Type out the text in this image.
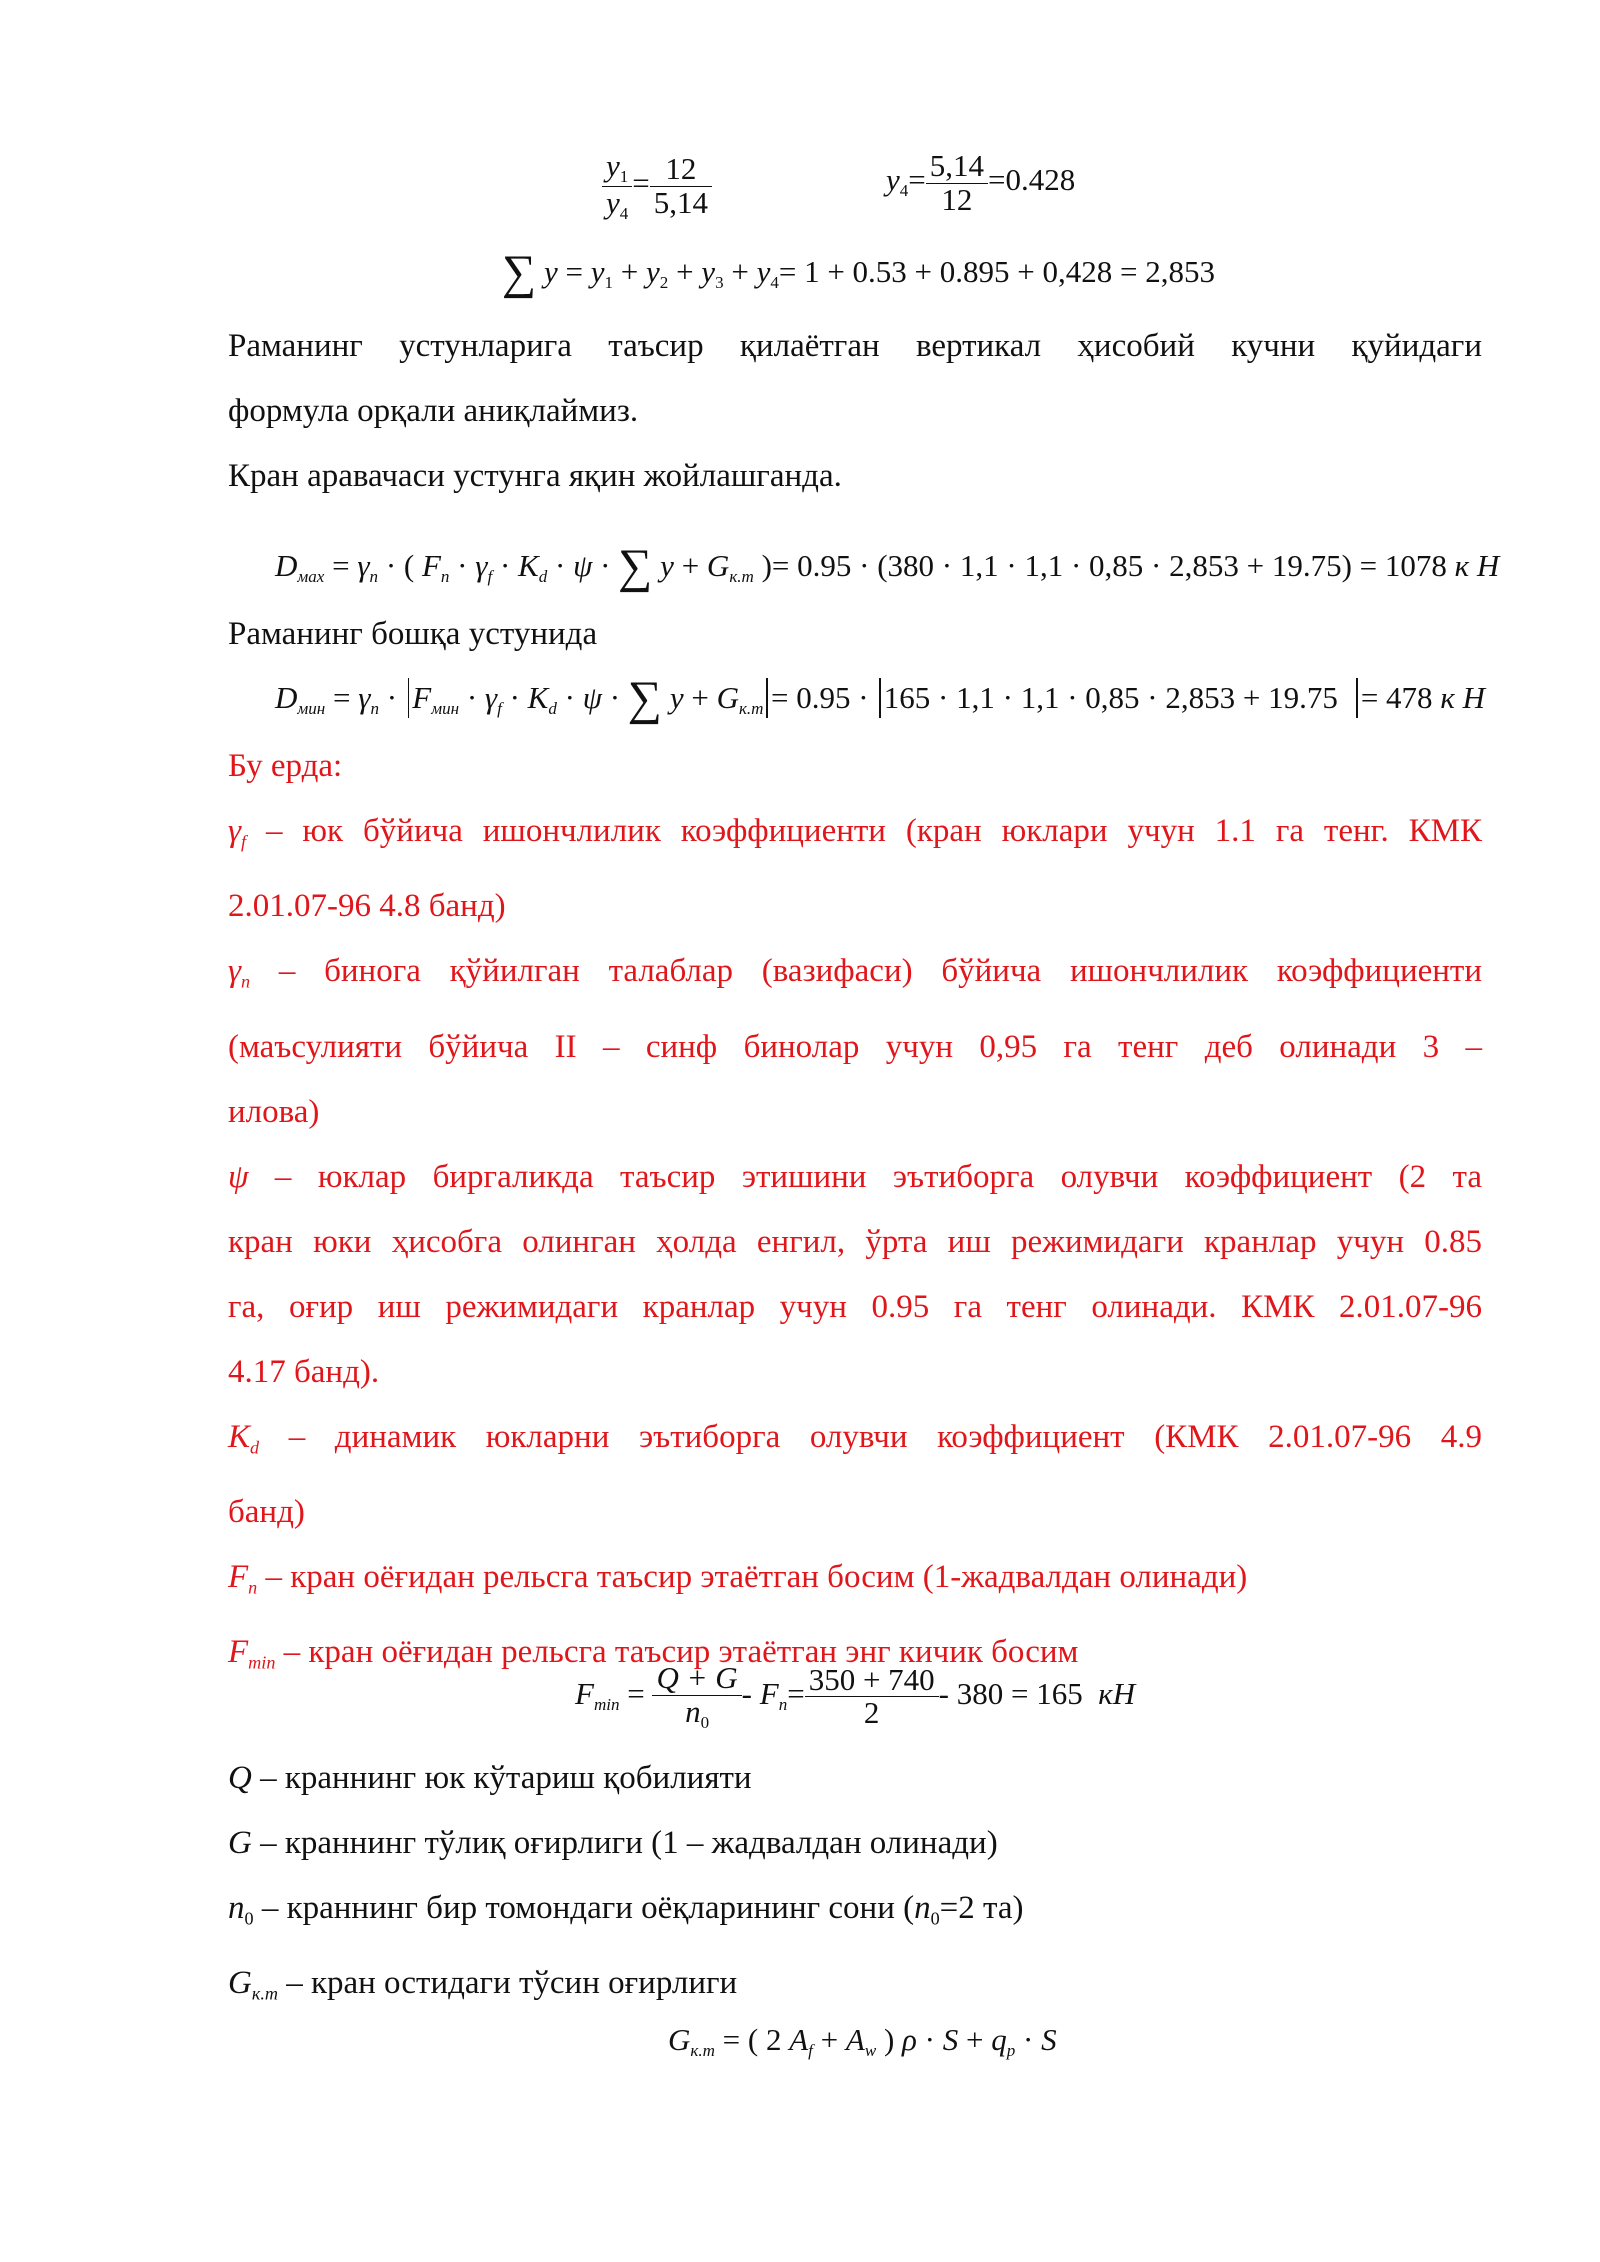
$\frac{y1}{y4} = \frac{12}{5,14}$	$y4= \frac{5,14}{12} =0.428$
∑ y = y1 + y2 + y3 + y4= 1 + 0.53 + 0.895 + 0,428 = 2,853
Раманинг устунларига таъсир қилаётган вертикал ҳисобий кучни қуйидаги
формула орқали аниқлаймиз.
Кран аравачаси устунга яқин жойлашганда.
$D_{мах} = \gamma_n$ · ( $F_n \cdot \gamma_f \cdot K_d \cdot \psi$ · ∑ $y + G_{к.т}$ )= 0.95 · (380 · 1,1 · 1,1 · 0,85 · 2,853 + 19.75) = 1078 к Н
Раманинг бошқа устунида
$D_{мин} = \gamma_n \cdot F_{мин} \cdot \gamma_f \cdot K_d \cdot \psi$ · ∑ $y + G_{к.т} = 0.95 \cdot 165 \cdot 1,1 \cdot 1,1 \cdot 0,85 \cdot 2,853 + 19.75 = 478$ к Н
Бу ерда:
$\gamma_f$ – юк бўйича ишончлилик коэффициенти (кран юклари учун 1.1 га тенг. КМК
2.01.07-96 4.8 банд)
$\gamma_n$ – бинога қўйилган талаблар (вазифаси) бўйича ишончлилик коэффициенти
(маъсулияти бўйича II – синф бинолар учун 0,95 га тенг деб олинади 3 –
илова)
ψ – юклар биргаликда таъсир этишини эътиборга олувчи коэффициент (2 та
кран юки ҳисобга олинган ҳолда енгил, ўрта иш режимидаги кранлар учун 0.85
га, оғир иш режимидаги кранлар учун 0.95 га тенг олинади. КМК 2.01.07-96
4.17 банд).
$K_d$ – динамик юкларни эътиборга олувчи коэффициент (КМК 2.01.07-96 4.9
банд)
$F_n$ – кран оёғидан рельсга таъсир этаётган босим (1-жадвалдан олинади)
$F_{min}$ – кран оёғидан рельсга таъсир этаётган энг кичик босим
$F_{min} = \frac{Q + G}{n0} - F_п= \frac{350 + 740}{2} - 380 = 165$ кН
Q – краннинг юк кўтариш қобилияти
G – краннинг тўлиқ оғирлиги (1 – жадвалдан олинади)
n0 – краннинг бир томондаги оёқларининг сони (n0=2 та)
$G_{к.т}$ – кран остидаги тўсин оғирлиги
$G_{к.т}$ = ( 2 $A_f + A_w$ ) $\rho \cdot S + q_p \cdot S$
